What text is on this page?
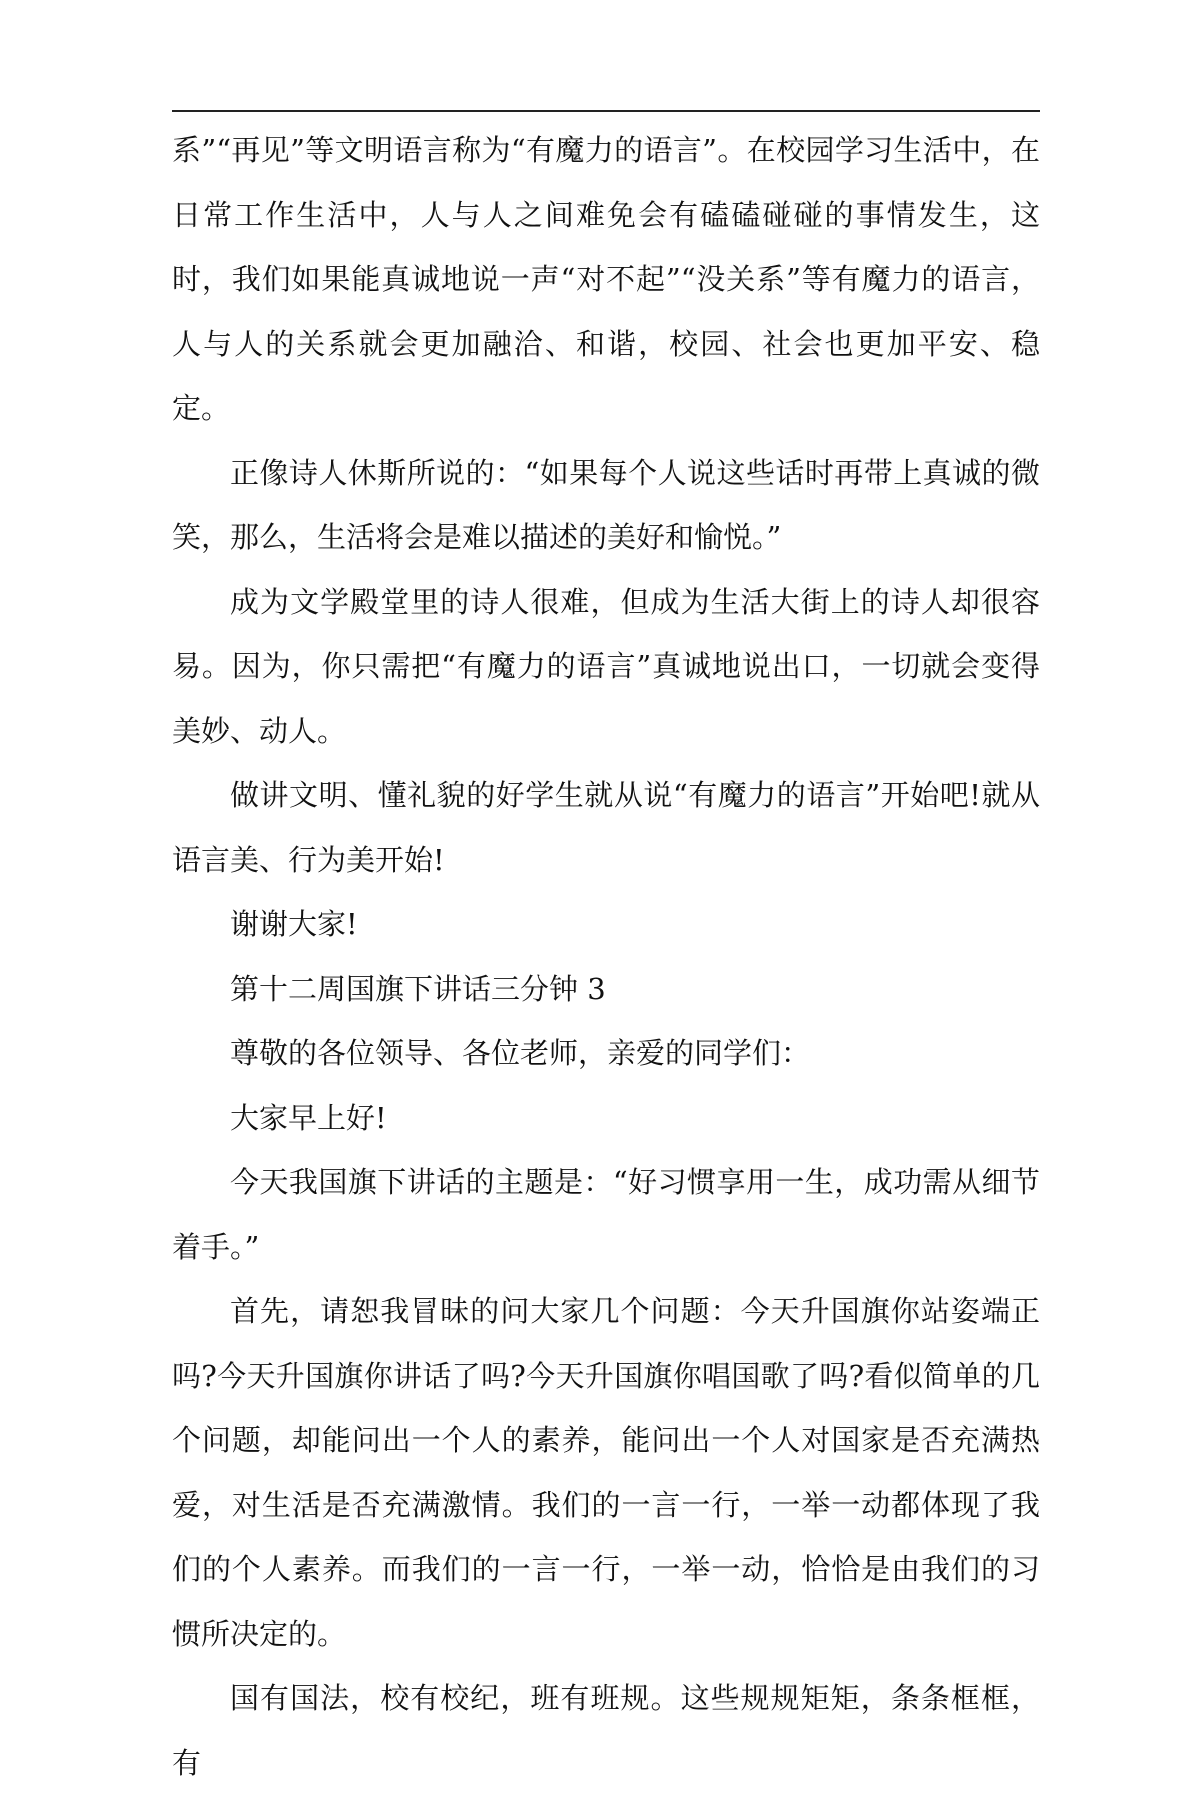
系”“再见”等文明语言称为“有魔力的语言”。在校园学习生活中，在日常工作生活中，人与人之间难免会有磕磕碰碰的事情发生，这时，我们如果能真诚地说一声“对不起”“没关系”等有魔力的语言，人与人的关系就会更加融洽、和谐，校园、社会也更加平安、稳定。

正像诗人休斯所说的：“如果每个人说这些话时再带上真诚的微笑，那么，生活将会是难以描述的美好和愉悦。”

成为文学殿堂里的诗人很难，但成为生活大街上的诗人却很容易。因为，你只需把“有魔力的语言”真诚地说出口，一切就会变得美妙、动人。

做讲文明、懂礼貌的好学生就从说“有魔力的语言”开始吧!就从语言美、行为美开始!

谢谢大家!

第十二周国旗下讲话三分钟 3

尊敬的各位领导、各位老师，亲爱的同学们：

大家早上好!

今天我国旗下讲话的主题是：“好习惯享用一生，成功需从细节着手。”

首先，请恕我冒昧的问大家几个问题：今天升国旗你站姿端正吗?今天升国旗你讲话了吗?今天升国旗你唱国歌了吗?看似简单的几个问题，却能问出一个人的素养，能问出一个人对国家是否充满热爱，对生活是否充满激情。我们的一言一行，一举一动都体现了我们的个人素养。而我们的一言一行，一举一动，恰恰是由我们的习惯所决定的。

国有国法，校有校纪，班有班规。这些规规矩矩，条条框框，有
